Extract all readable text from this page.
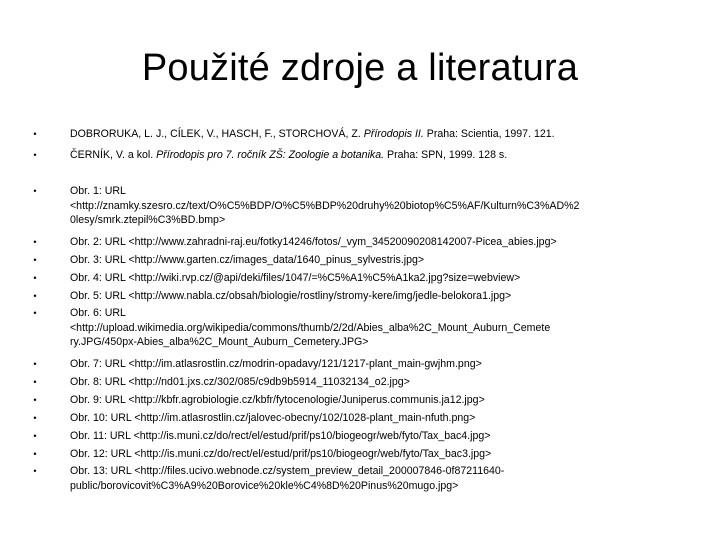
Použité zdroje a literatura
•	DOBRORUKA, L. J., CÍLEK, V., HASCH, F., STORCHOVÁ, Z. Přírodopis II. Praha: Scientia, 1997. 121.
•	ČERNÍK, V. a kol. Přírodopis pro 7. ročník ZŠ: Zoologie a botanika. Praha: SPN, 1999. 128 s.
•	Obr. 1: URL
<http://znamky.szesro.cz/text/O%C5%BDP/O%C5%BDP%20druhy%20biotop%C5%AF/Kulturn%C3%AD%2
0lesy/smrk.ztepil%C3%BD.bmp>
•	Obr. 2: URL <http://www.zahradni-raj.eu/fotky14246/fotos/_vym_34520090208142007-Picea_abies.jpg>
•	Obr. 3: URL <http://www.garten.cz/images_data/1640_pinus_sylvestris.jpg>
•	Obr. 4: URL <http://wiki.rvp.cz/@api/deki/files/1047/=%C5%A1%C5%A1ka2.jpg?size=webview>
•	Obr. 5: URL <http://www.nabla.cz/obsah/biologie/rostliny/stromy-kere/img/jedle-belokora1.jpg>
•	Obr. 6: URL
<http://upload.wikimedia.org/wikipedia/commons/thumb/2/2d/Abies_alba%2C_Mount_Auburn_Cemete
ry.JPG/450px-Abies_alba%2C_Mount_Auburn_Cemetery.JPG>
•	Obr. 7: URL <http://im.atlasrostlin.cz/modrin-opadavy/121/1217-plant_main-gwjhm.png>
•	Obr. 8: URL <http://nd01.jxs.cz/302/085/c9db9b5914_11032134_o2.jpg>
•	Obr. 9: URL <http://kbfr.agrobiologie.cz/kbfr/fytocenologie/Juniperus.communis.ja12.jpg>
•	Obr. 10: URL <http://im.atlasrostlin.cz/jalovec-obecny/102/1028-plant_main-nfuth.png>
•	Obr. 11: URL <http://is.muni.cz/do/rect/el/estud/prif/ps10/biogeogr/web/fyto/Tax_bac4.jpg>
•	Obr. 12: URL <http://is.muni.cz/do/rect/el/estud/prif/ps10/biogeogr/web/fyto/Tax_bac3.jpg>
•	Obr. 13: URL <http://files.ucivo.webnode.cz/system_preview_detail_200007846-0f87211640-
public/borovicovit%C3%A9%20Borovice%20kle%C4%8D%20Pinus%20mugo.jpg>
